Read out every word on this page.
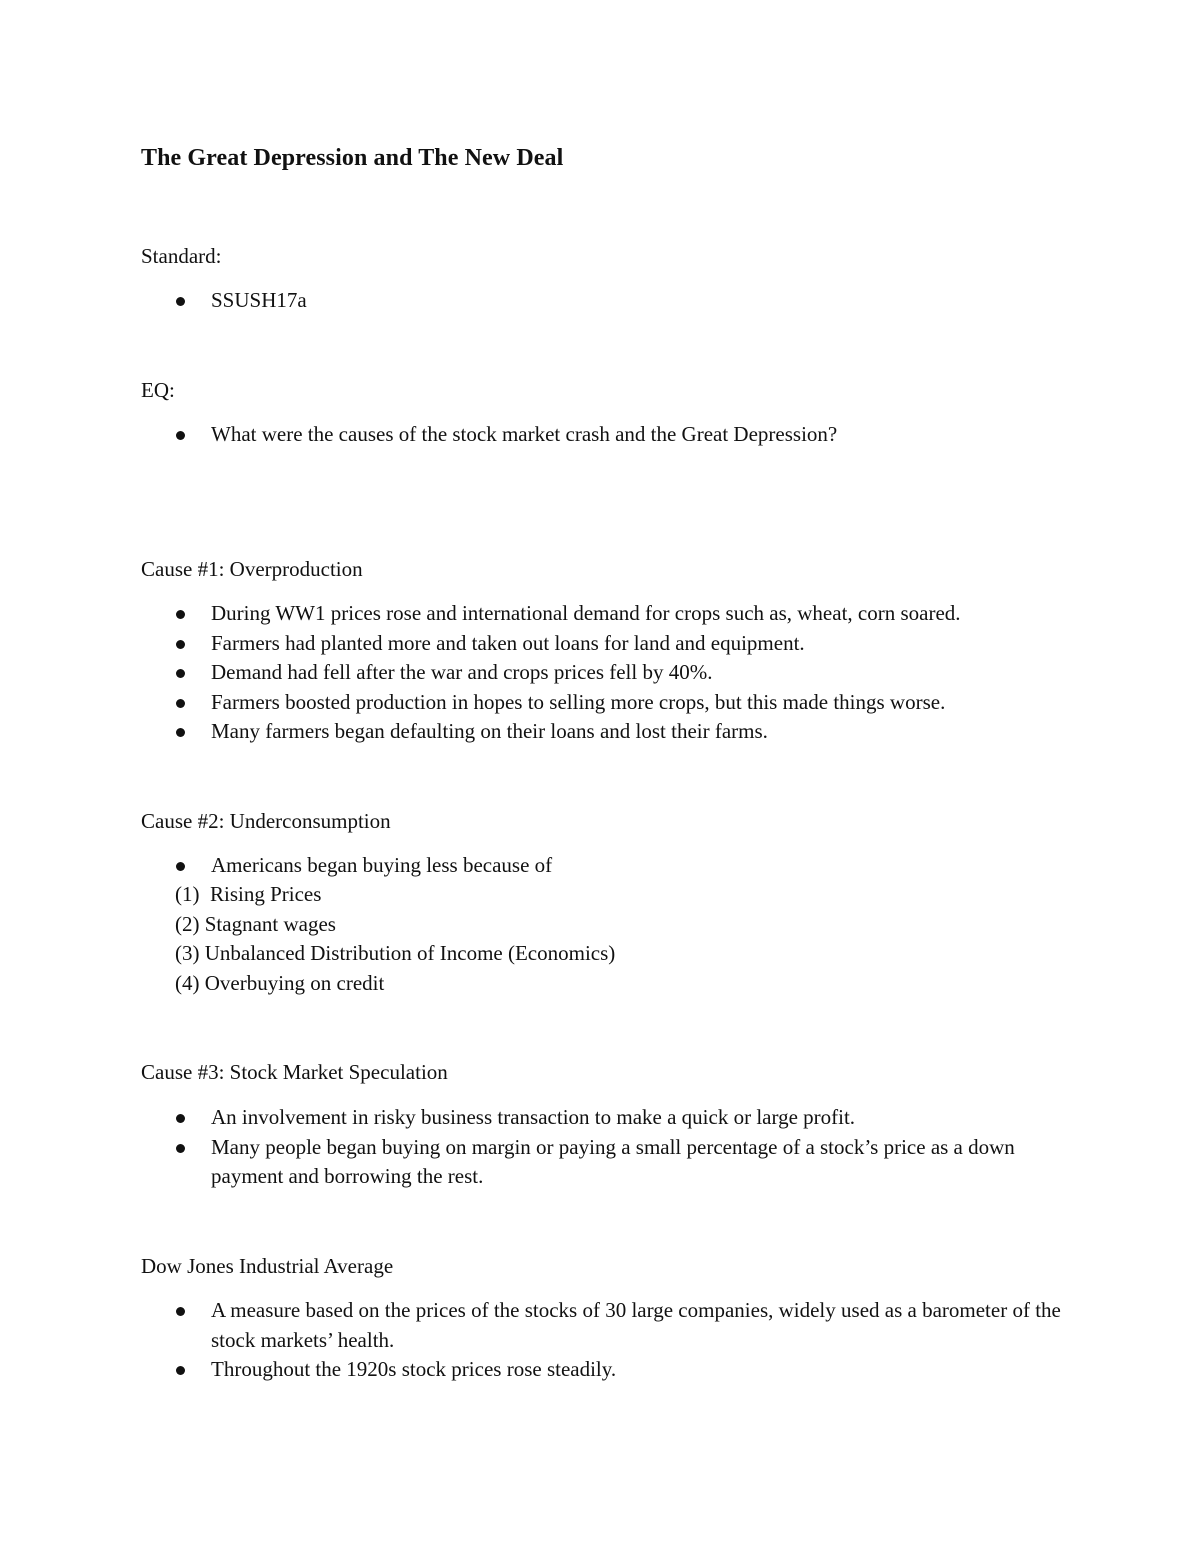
The Great Depression and The New Deal

Standard:

SSUSH17a

EQ:

What were the causes of the stock market crash and the Great Depression?

Cause #1: Overproduction

During WW1 prices rose and international demand for crops such as, wheat, corn soared.
Farmers had planted more and taken out loans for land and equipment.
Demand had fell after the war and crops prices fell by 40%.
Farmers boosted production in hopes to selling more crops, but this made things worse.
Many farmers began defaulting on their loans and lost their farms.

Cause #2: Underconsumption

Americans began buying less because of
(1)  Rising Prices
(2) Stagnant wages
(3) Unbalanced Distribution of Income (Economics)
(4) Overbuying on credit

Cause #3: Stock Market Speculation

An involvement in risky business transaction to make a quick or large profit.
Many people began buying on margin or paying a small percentage of a stock’s price as a down payment and borrowing the rest.

Dow Jones Industrial Average

A measure based on the prices of the stocks of 30 large companies, widely used as a barometer of the stock markets’ health.
Throughout the 1920s stock prices rose steadily.
